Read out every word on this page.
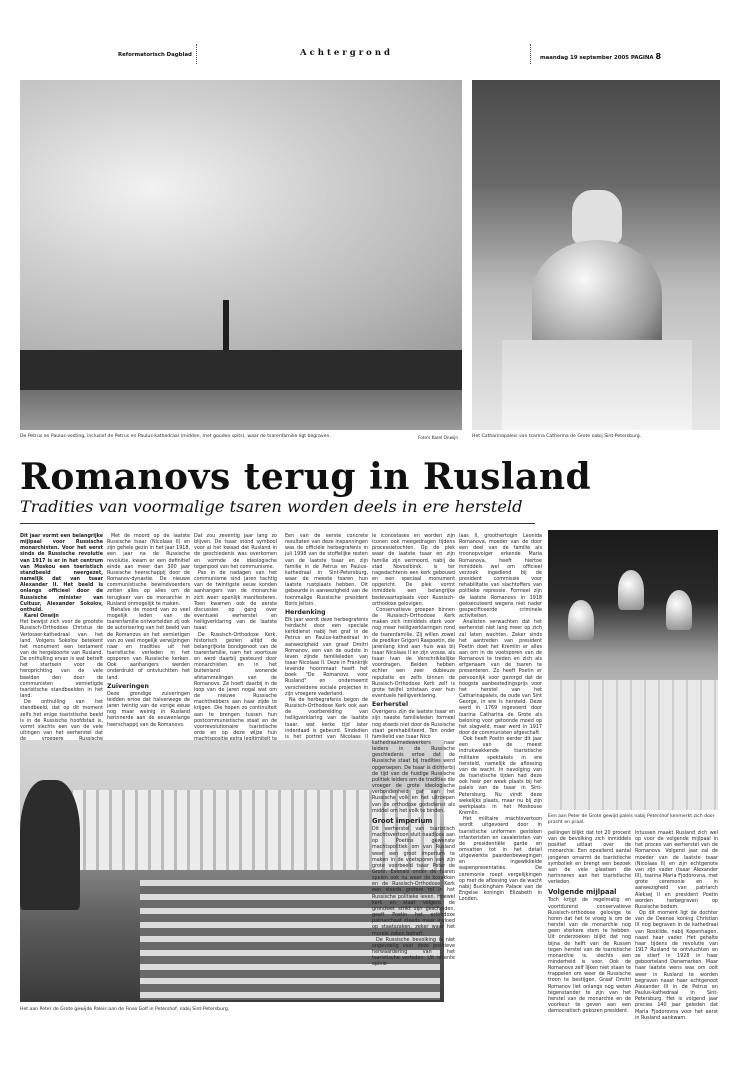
Reformatorisch Dagblad	Achtergrond	maandag 19 september 2005 PAGINA 8
De Petrus en Paulus-vesting, inclusief de Petrus en Paulus-kathedraal (midden, met gouden spits), waar de tsarenfamilie ligt begraven.	Foto's Karel Onwijn	Het Catharinapaleis van tsarina Catherina de Grote nabij Sint-Petersburg.
Romanovs terug in Rusland
Tradities van voormalige tsaren worden deels in ere hersteld

Dit jaar vormt een belangrijke mijlpaal voor Russische monarchisten. Voor het eerst sinds de Russische revolutie van 1917 is er in het centrum van Moskou een toeristisch standbeeld neergezet, namelijk dat van tsaar Alexander II. Het beeld is onlangs officieel door de Russische minister van Cultuur, Alexander Sokolov, onthuld.

Karel Onwijn

Het bewijst zich voor de grootste Russisch-Orthodoxe Christus de Verlosser-kathedraal van het land. Volgens Sokolov betekent het monument een testament van de hergeboorte van Rusland. De onthulling ervan is wat betreft het startsein voor de heroprichting van de vele beelden den door de communisten vernietigde tsaristische standbeelden in het land.

De onthulling van het standbeeld, dat op dit moment zelfs het enige tsaristische beeld is in de Russische hoofdstad is, vormt slechts een van de vele uitingen van het eerherstel dat

Met de moord op de laatste Russische tsaar (Nicolaas II) en zijn gehele gezin in het jaar 1918, een jaar na de Russische revolutie, kwam er een definitief einde aan meer dan 300 jaar Russische heerschappij door de Romanov-dynastie. De nieuwe communistische bewindvoerders zetten alles op alles om de terugkeer van de monarchie in Rusland onmogelijk te maken.

Behalve de moord van zo veel mogelijk leden van de tsarenfamilie ontwortelden zij ook de autorisering van het beeld van de Romanovs en het vernietigen van zo veel mogelijk verwijzingen naar en tradities uit het tsaristische verleden in het opsporen van Russische kerken. Ook aanhangers werden onderdrukt of ontvluchtten het land.

Zuiveringen

Deze grondige zuiveringen leidden ertoe dat halverwege de jaren twintig van de vorige eeuw nog maar weinig in Rusland herinnerde aan de eeuwenlange heerschappij van de Romanovs.

Dat zou zeventig jaar lang zo blijven. De tsaar stond symbool voor al het kwaad dat Rusland in de geschiedenis was overkomen en vormde de ideologische tegenpool van het communisme.

Pas in de nadagen van het communisme sind jaren tachtig van de twintigste eeuw konden aanhangers van de monarchie zich weer openlijk manifesteren. Toen kwamen ook de eerste discussies op gang over eventueel eerherstel en heiligverklaring van de laatste tsaar.

De Russisch-Orthodoxe Kerk, historisch gezien altijd de belangrijkste bondgenoot van de tsarenfamilie, nam het voortouw en werd daarbij gesteund door monarchisten en in het buitenland wonende afstammelingen van de Romanovs. Ze hoeft daarbij in de loop van de jaren nogal wat om de nieuwe Russische machthebbers aan haar zijde te krijgen. Die hopen zo continuïteit aan te brengen tussen hun postcommunistische staat en de voorrevolutionaire tsaristische orde en op deze wijze hun

Een van de eerste concrete resultaten van deze inspanningen was de officiële herbegrafenis in juli 1998 van de stoffelijke resten van de laatste tsaar en zijn familie in de Petrus en Paulus-kathedraal in Sint-Petersburg, waar de meeste tsaren hun laatste rustplaats hebben. Dit gebeurde in aanwezigheid van de toenmalige Russische president Boris Jeltsin.

Herdenking

Elk jaar wordt deze herbegrafenis herdacht door een speciale kerkdienst nabij het graf in de Petrus en Paulus-kathedraal in aanwezigheid van graaf Dmitri Romanov, een van de oudste in leven zijnde familieleden van tsaar Nicolaas II. Deze in Frankrijk levende hoornmaat heeft het boek "De Romanovs voor Rusland" en onderneemt verscheidene sociale projecten in zijn vroegere vaderland.

Na de herbegrafenis begon de Russisch-Orthodoxe Kerk ook aan de voorbereiding van heiligverklaring van de laatste tsaar, wat kerke tijd later inderdaad is gebeurd. Sindsdien is het portret van Nicolaas II

le iconostases en worden zijn iconen ook meegedragen tijdens processietochten. Op de plek waar de laatste tsaar en zijn familie zijn vermoord, nabij de stad Novosibirsk, is ter nagedachtenis een kerk gebouwd en een speciaal monument opgericht. De plek vormt inmiddels een belangrijke bedevaartsplaats voor Russisch-orthodoxe gelovigen.

Conservatieve groepen binnen de Russisch-Orthodoxe Kerk maken zich inmiddels sterk voor nog meer heiligverklaringen rond de tsarenfamilie. Zij willen zowel de prediker Grigorii Raspoetin, die jarenlang kind aan huis was bij tsaar Nicolaas II en zijn vrouw, als tsaar Ivan de Verschrikkelijke voordragen. Beiden hebben echter een zeer dubieuze reputatie en zelfs binnen de Russisch-Orthodoxe Kerk zelf is grote twijfel ontstaan over hun eventuele heiligverklaring.

Eerherstel

Overigens zijn de laatste tsaar en zijn naaste familieleden formeel nog steeds niet door de Russische staat gerehabiliteerd. Ten onder familielid van tsaar Nico

laas II, groothertogin Leonida Romanova, moeder van de door een deel van de familie als troonopvolger erkende Maria Romanova, heeft hiertoe inmiddels wel om officieel verzoek ingediend bij de president commissie voor rehabilitatie van slachtoffers van politieke repressie. Formeel zijn de laatste Romanovs in 1918 geëxecuteerd wegens niet nader gespecificeerde criminele activiteiten.

Analisten verwachten dat het eerherstel niet lang meer op zich zal laten wachten. Zeker sinds het aantreden van president Poetin doet het Kremlin er alles aan om in de voetsporen van de Romanovs te treden en zich als erfgenaam van de tsaren te presenteren. Zo heeft Poetin er persoonlijk voor gezorgd dat de hoogste aanbestedingsprijs voor het herstel van het Catharinapaleis, de oude van Sint George, in ere is hersteld. Deze werd in 1769 ingevoerd door tsarina Catharina de Grote als beloning voor getoonde moed op het slagveld, maar werd in 1917 door de communisten afgeschaft.

Ook heeft Poetin eerder dit jaar een van de meest indrukwekkende tsaristische militaire spektakels in ere hersteld, namelijk de aflossing van de wacht. In navolging van de tsaristische tijden had deze ook heer per week plaats bij het paleis van de tsaar in Sint-Petersburg. Nu vindt deze wekelijks plaats, maar nu bij zijn werkplaats in het Moskouse Kremlin.

Het militaire machtsvertoon wordt uitgevoerd door in tsaristische uniformen gestoken infanteristen en cavaleristen van de presidentiële garde en omvatten tot in het detail uitgewerkte paardenbewegingen en ingewikkelde wapenpresentaties. De ceremonie roept vergelijkingen op met de aflossing van de wacht nabij Buckingham Palace van de Engelse koningin Elizabeth in Londen.

Een aan Peter de Grote gewijd paleis nabij Petershof kenmerkt zich door pracht en praal.
Het aan Peter de Grote gewijde Paleis aan de Finse Golf in Petershof, nabij Sint-Petersburg.

kathedraalmedewerkers naar leiders in de Russische geschiedenis ertoe dat de Russische staat bij tradities werd opgeroepen. De tsaar is dichterbij de tijd van de huidige Russische politiek leiders om de tradities die vroeger de grote ideologische verbondenheid gaf aan het Russische volk en het uitroepen van de orthodoxe godsdienst als middel om het volk te binden.

Groot imperium

Dit eerherstel van tsaristisch machtsvertoon sluit naadloos aan op Poetins gewenste machtspolitiek om van Rusland weer een groot imperium te maken in de voetsporen van zijn grote voorbeeld tsaar Peter de Grote. Evenals onder de tsaren spelen ook nu weer de kosakken en de Russisch-Orthodoxe Kerk een steeds grotere rol in het Russische politieke leven. Hoewel kerk en staat volgens de grondwet strikt zijn gescheiden, geeft Poetin het orthodoxe patriarchaat steeds meer invloed op staatszaken, zeker waar het morele zaken betreft.

De Russische bevolking is niet ongevoelig voor deze positieve herwaardering van het tsaristische verleden. Uit recente opinie-

peilingen blijkt dat tot 20 procent van de bevolking zich inmiddels positief uitlaat over de monarchie. Een opvallend aantal jongeren omarmt de tsaristische symboliek en brengt een bezoek aan de vele plaatsen die herinneren aan het tsaristische verleden.

Volgende mijlpaal

Toch krijgt de regelmatig en voortdurend conservatieve Russisch-orthodoxe gelovige te horen dat het te vroeg is om de herstel van de monarchie nog geen sterkere stem te hebben. Uit onderzoeken blijkt dat nog bijna de helft van de Russen tegen herstel van de tsaristische monarchie is, slechts een minderheid is voor. Ook de Romanovs zelf lijken niet staan te trappelen om weer de Russische troon te bestijgen. Graaf Dmitri Romanov liet onlangs nog weten tegenstander te zijn van het herstel van de monarchie en de voorkeur te geven aan een democratisch gekozen president.

Intussen maakt Rusland zich wel op voor de volgende mijlpaal in het proces van eerherstel van de Romanovs. Volgend jaar zal de moeder van de laatste tsaar (Nicolaas II) en zijn echtgenote van zijn vader (tsaar Alexander III), tsarina Maria Fjodorovna, met grote ceremonie en in aanwezigheid van patriarch Aleksej II en president Poetin worden herbegraven op Russische bodem.

Op dit moment ligt de dochter van de Deense koning Christian IX nog begraven in de kathedraal van Roskilde, nabij Kopenhagen, naast haar vader. Het gehalte haar tijdens de revolutie van 1917 Rusland te ontvluchten en ze stierf in 1928 in haar geboorteland Denemarken. Maar haar laatste wens was om ooit weer in Rusland te worden begraven naast haar echtgenoot Alexander III in de Petrus en Paulus-kathedraal in Sint-Petersburg. Het is volgend jaar precies 140 jaar geleden dat Maria Fjodorovna voor het eerst in Rusland aankwam.
